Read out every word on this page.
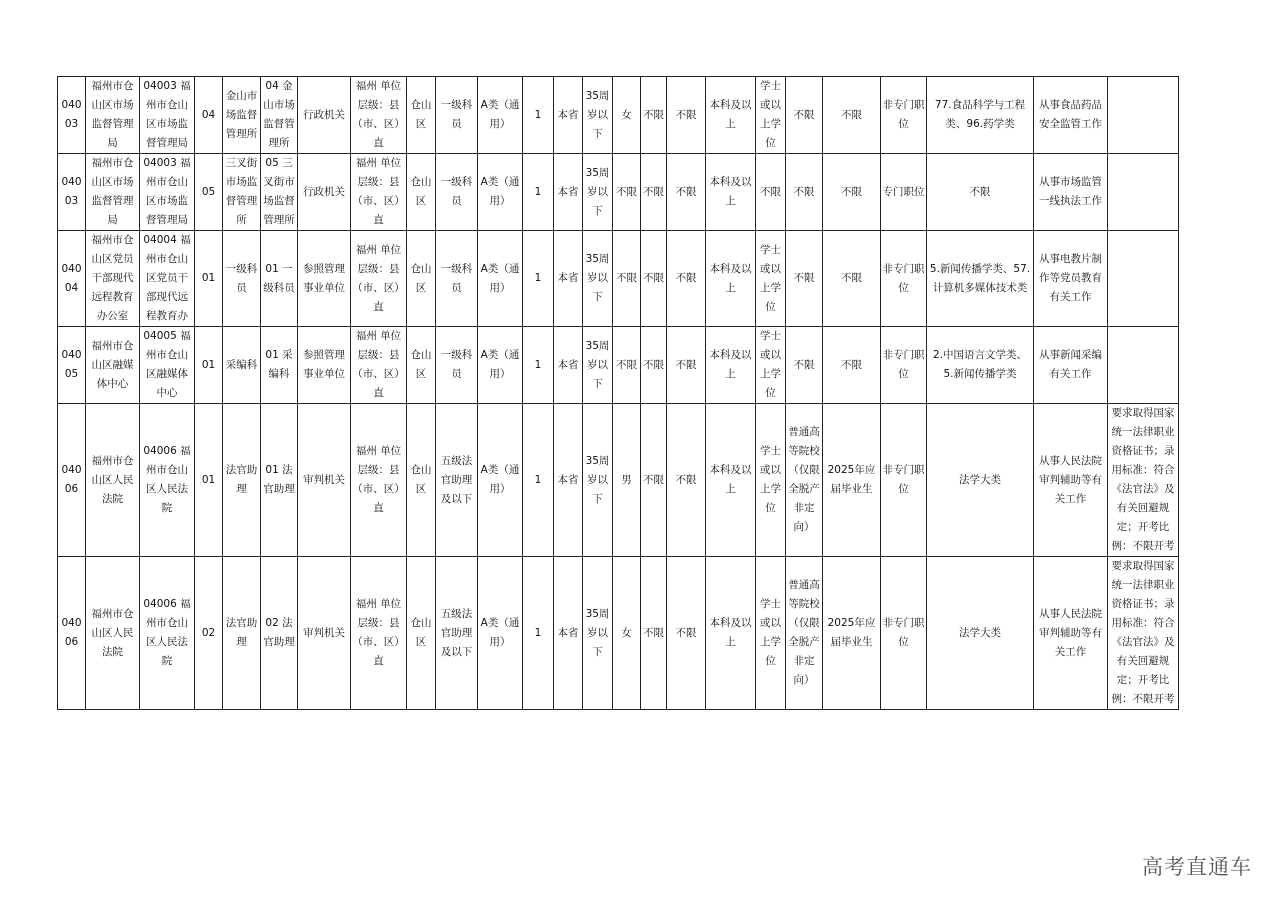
04003	福州市仓山区市场监督管理局	04003 福州市仓山区市场监督管理局	04	金山市场监督管理所	04 金山市场监督管理所	行政机关	福州 单位层级：县（市、区）直	仓山区	一级科员	A类（通用）	1	本省	35周岁以下	女	不限	不限	本科及以上	学士或以上学位	不限	不限	非专门职位	77.食品科学与工程类、96.药学类	从事食品药品安全监管工作	
04003	福州市仓山区市场监督管理局	04003 福州市仓山区市场监督管理局	05	三叉街市场监督管理所	05 三叉街市场监督管理所	行政机关	福州 单位层级：县（市、区）直	仓山区	一级科员	A类（通用）	1	本省	35周岁以下	不限	不限	不限	本科及以上	不限	不限	不限	专门职位	不限	从事市场监管一线执法工作	
04004	福州市仓山区党员干部现代远程教育办公室	04004 福州市仓山区党员干部现代远程教育办	01	一级科员	01 一级科员	参照管理事业单位	福州 单位层级：县（市、区）直	仓山区	一级科员	A类（通用）	1	本省	35周岁以下	不限	不限	不限	本科及以上	学士或以上学位	不限	不限	非专门职位	5.新闻传播学类、57.计算机多媒体技术类	从事电教片制作等党员教育有关工作	
04005	福州市仓山区融媒体中心	04005 福州市仓山区融媒体中心	01	采编科	01 采编科	参照管理事业单位	福州 单位层级：县（市、区）直	仓山区	一级科员	A类（通用）	1	本省	35周岁以下	不限	不限	不限	本科及以上	学士或以上学位	不限	不限	非专门职位	2.中国语言文学类、5.新闻传播学类	从事新闻采编有关工作	
04006	福州市仓山区人民法院	04006 福州市仓山区人民法院	01	法官助理	01 法官助理	审判机关	福州 单位层级：县（市、区）直	仓山区	五级法官助理及以下	A类（通用）	1	本省	35周岁以下	男	不限	不限	本科及以上	学士或以上学位	普通高等院校（仅限全脱产非定向）	2025年应届毕业生	非专门职位	法学大类	从事人民法院审判辅助等有关工作	要求取得国家统一法律职业资格证书；录用标准：符合《法官法》及有关回避规定；开考比例：不限开考
04006	福州市仓山区人民法院	04006 福州市仓山区人民法院	02	法官助理	02 法官助理	审判机关	福州 单位层级：县（市、区）直	仓山区	五级法官助理及以下	A类（通用）	1	本省	35周岁以下	女	不限	不限	本科及以上	学士或以上学位	普通高等院校（仅限全脱产非定向）	2025年应届毕业生	非专门职位	法学大类	从事人民法院审判辅助等有关工作	要求取得国家统一法律职业资格证书；录用标准：符合《法官法》及有关回避规定；开考比例：不限开考
高考直通车
